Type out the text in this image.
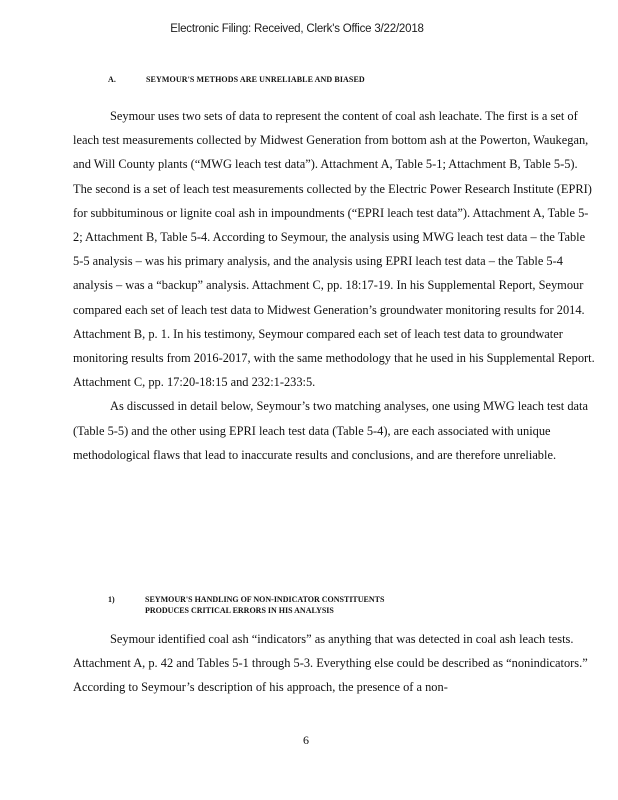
Electronic Filing: Received, Clerk's Office 3/22/2018
A.	SEYMOUR'S METHODS ARE UNRELIABLE AND BIASED

Seymour uses two sets of data to represent the content of coal ash leachate. The first is a set of leach test measurements collected by Midwest Generation from bottom ash at the Powerton, Waukegan, and Will County plants (“MWG leach test data”). Attachment A, Table 5-1; Attachment B, Table 5-5). The second is a set of leach test measurements collected by the Electric Power Research Institute (EPRI) for subbituminous or lignite coal ash in impoundments (“EPRI leach test data”). Attachment A, Table 5-2; Attachment B, Table 5-4. According to Seymour, the analysis using MWG leach test data – the Table 5-5 analysis – was his primary analysis, and the analysis using EPRI leach test data – the Table 5-4 analysis – was a “backup” analysis. Attachment C, pp. 18:17-19. In his Supplemental Report, Seymour compared each set of leach test data to Midwest Generation’s groundwater monitoring results for 2014. Attachment B, p. 1. In his testimony, Seymour compared each set of leach test data to groundwater monitoring results from 2016-2017, with the same methodology that he used in his Supplemental Report. Attachment C, pp. 17:20-18:15 and 232:1-233:5.

As discussed in detail below, Seymour’s two matching analyses, one using MWG leach test data (Table 5-5) and the other using EPRI leach test data (Table 5-4), are each associated with unique methodological flaws that lead to inaccurate results and conclusions, and are therefore unreliable.

1)	SEYMOUR'S HANDLING OF NON-INDICATOR CONSTITUENTS
PRODUCES CRITICAL ERRORS IN HIS ANALYSIS

Seymour identified coal ash “indicators” as anything that was detected in coal ash leach tests. Attachment A, p. 42 and Tables 5-1 through 5-3. Everything else could be described as “nonindicators.” According to Seymour’s description of his approach, the presence of a non-

6
